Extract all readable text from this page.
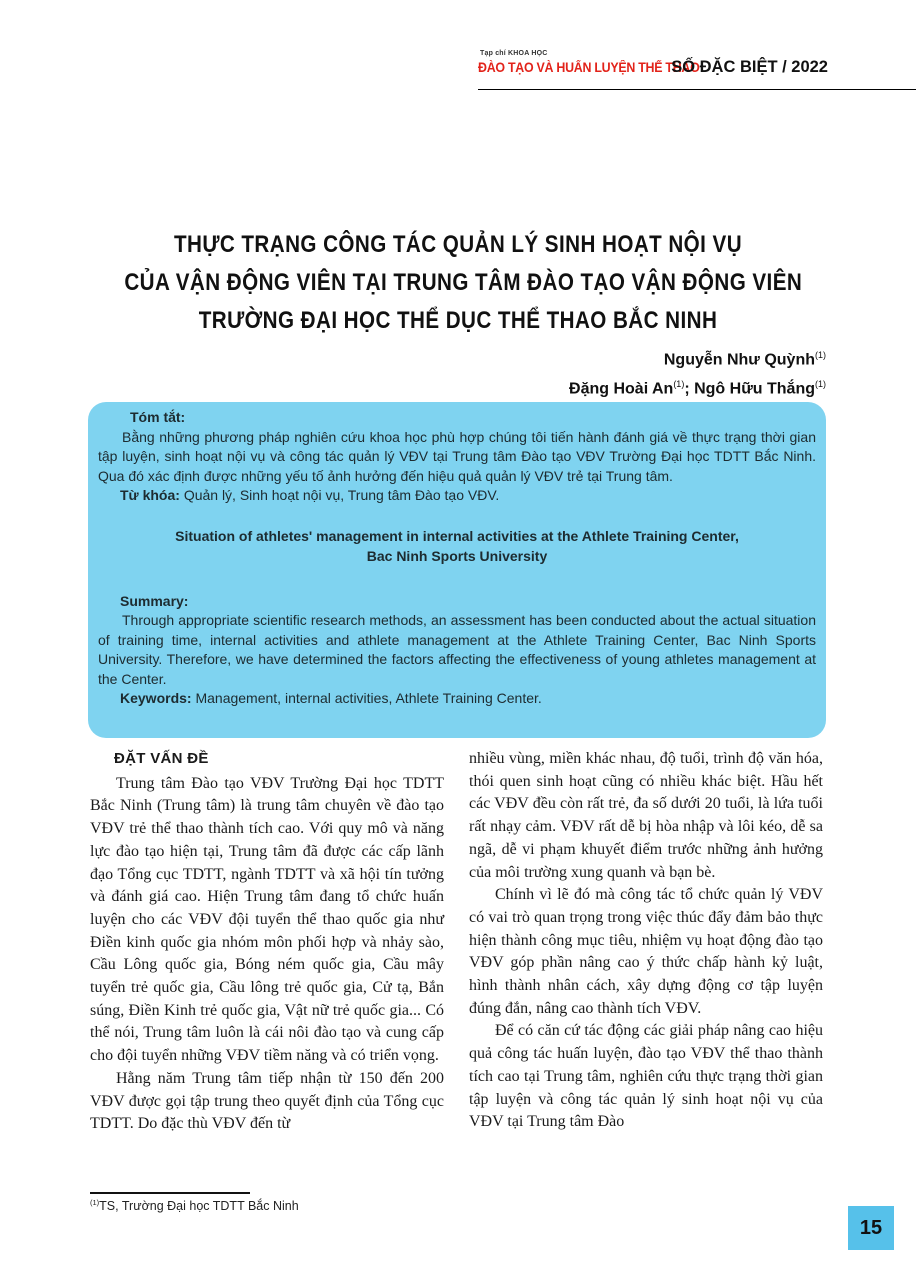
Tạp chí KHOA HỌC
ĐÀO TẠO VÀ HUẤN LUYỆN THỂ THAO
SỐ ĐẶC BIỆT / 2022
THỰC TRẠNG CÔNG TÁC QUẢN LÝ SINH HOẠT NỘI VỤ
CỦA VẬN ĐỘNG VIÊN TẠI TRUNG TÂM ĐÀO TẠO VẬN ĐỘNG VIÊN
TRƯỜNG ĐẠI HỌC THỂ DỤC THỂ THAO BẮC NINH
Nguyễn Như Quỳnh$^{(1)}$
Đặng Hoài An$^{(1)}$; Ngô Hữu Thắng$^{(1)}$

Tóm tắt:

Bằng những phương pháp nghiên cứu khoa học phù hợp chúng tôi tiến hành đánh giá về thực trạng thời gian tập luyện, sinh hoạt nội vụ và công tác quản lý VĐV tại Trung tâm Đào tạo VĐV Trường Đại học TDTT Bắc Ninh. Qua đó xác định được những yếu tố ảnh hưởng đến hiệu quả quản lý VĐV trẻ tại Trung tâm.

Từ khóa: Quản lý, Sinh hoạt nội vụ, Trung tâm Đào tạo VĐV.

Situation of athletes' management in internal activities at the Athlete Training Center,

Bac Ninh Sports University

Summary:

Through appropriate scientific research methods, an assessment has been conducted about the actual situation of training time, internal activities and athlete management at the Athlete Training Center, Bac Ninh Sports University. Therefore, we have determined the factors affecting the effectiveness of young athletes management at the Center.

Keywords: Management, internal activities, Athlete Training Center.

ĐẶT VẤN ĐỀ

Trung tâm Đào tạo VĐV Trường Đại học TDTT Bắc Ninh (Trung tâm) là trung tâm chuyên về đào tạo VĐV trẻ thể thao thành tích cao. Với quy mô và năng lực đào tạo hiện tại, Trung tâm đã được các cấp lãnh đạo Tổng cục TDTT, ngành TDTT và xã hội tín tưởng và đánh giá cao. Hiện Trung tâm đang tổ chức huấn luyện cho các VĐV đội tuyển thể thao quốc gia như Điền kinh quốc gia nhóm môn phối hợp và nhảy sào, Cầu Lông quốc gia, Bóng ném quốc gia, Cầu mây tuyển trẻ quốc gia, Cầu lông trẻ quốc gia, Cử tạ, Bắn súng, Điền Kinh trẻ quốc gia, Vật nữ trẻ quốc gia... Có thể nói, Trung tâm luôn là cái nôi đào tạo và cung cấp cho đội tuyển những VĐV tiềm năng và có triển vọng.

Hằng năm Trung tâm tiếp nhận từ 150 đến 200 VĐV được gọi tập trung theo quyết định của Tổng cục TDTT. Do đặc thù VĐV đến từ

nhiều vùng, miền khác nhau, độ tuổi, trình độ văn hóa, thói quen sinh hoạt cũng có nhiều khác biệt. Hầu hết các VĐV đều còn rất trẻ, đa số dưới 20 tuổi, là lứa tuổi rất nhạy cảm. VĐV rất dễ bị hòa nhập và lôi kéo, dễ sa ngã, dễ vi phạm khuyết điểm trước những ảnh hưởng của môi trường xung quanh và bạn bè.

Chính vì lẽ đó mà công tác tổ chức quản lý VĐV có vai trò quan trọng trong việc thúc đẩy đảm bảo thực hiện thành công mục tiêu, nhiệm vụ hoạt động đào tạo VĐV góp phần nâng cao ý thức chấp hành kỷ luật, hình thành nhân cách, xây dựng động cơ tập luyện đúng đắn, nâng cao thành tích VĐV.

Để có căn cứ tác động các giải pháp nâng cao hiệu quả công tác huấn luyện, đào tạo VĐV thể thao thành tích cao tại Trung tâm, nghiên cứu thực trạng thời gian tập luyện và công tác quản lý sinh hoạt nội vụ của VĐV tại Trung tâm Đào

$^{(1)}$TS, Trường Đại học TDTT Bắc Ninh
15
